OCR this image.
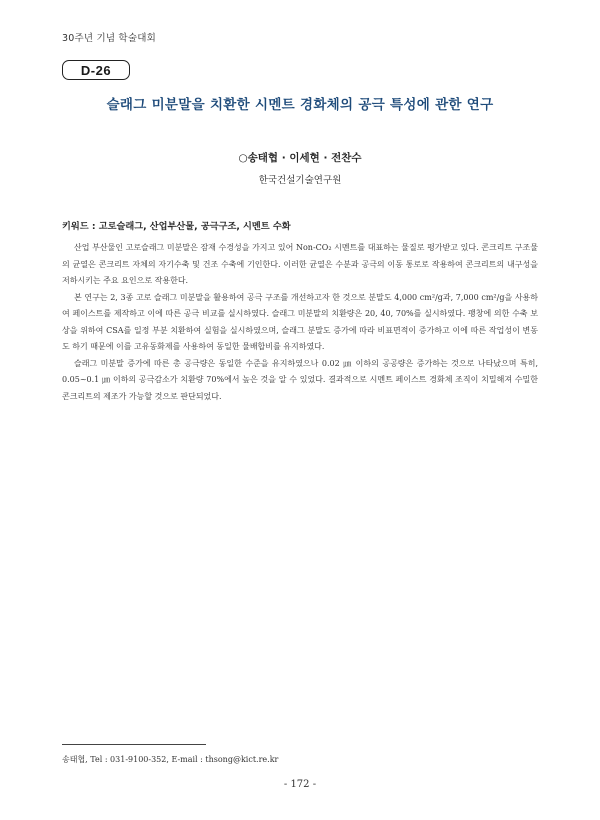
30주년 기념 학술대회
D-26
슬래그 미분말을 치환한 시멘트 경화체의 공극 특성에 관한 연구
○송태협 · 이세현 · 전찬수
한국건설기술연구원
키워드 : 고로슬래그, 산업부산물, 공극구조, 시멘트 수화

산업 부산물인 고로슬래그 미분말은 잠재 수경성을 가지고 있어 Non-CO₂ 시멘트를 대표하는 물질로 평가받고 있다. 콘크리트 구조물의 균열은 콘크리트 자체의 자기수축 및 건조 수축에 기인한다. 이러한 균열은 수분과 공극의 이동 통로로 작용하여 콘크리트의 내구성을 저하시키는 주요 요인으로 작용한다.

본 연구는 2, 3종 고로 슬래그 미분말을 활용하여 공극 구조를 개선하고자 한 것으로 분말도 4,000 cm²/g과, 7,000 cm²/g을 사용하여 페이스트를 제작하고 이에 따른 공극 비교를 실시하였다. 슬래그 미분말의 치환량은 20, 40, 70%를 실시하였다. 팽창에 의한 수축 보상을 위하여 CSA를 일정 부분 치환하여 실험을 실시하였으며, 슬래그 분말도 증가에 따라 비표면적이 증가하고 이에 따른 작업성이 변동도 하기 때문에 이를 고유동화제를 사용하여 동일한 물배합비를 유지하였다.

슬래그 미분말 증가에 따른 총 공극량은 동일한 수준을 유지하였으나 0.02 ㎛ 이하의 공공량은 증가하는 것으로 나타났으며 특히, 0.05~0.1 ㎛ 이하의 공극감소가 치환량 70%에서 높은 것을 알 수 있었다. 결과적으로 시멘트 페이스트 경화체 조직이 치밀해져 수밀한 콘크리트의 제조가 가능할 것으로 판단되었다.

송태협, Tel : 031-9100-352, E-mail : thsong@kict.re.kr
- 172 -
